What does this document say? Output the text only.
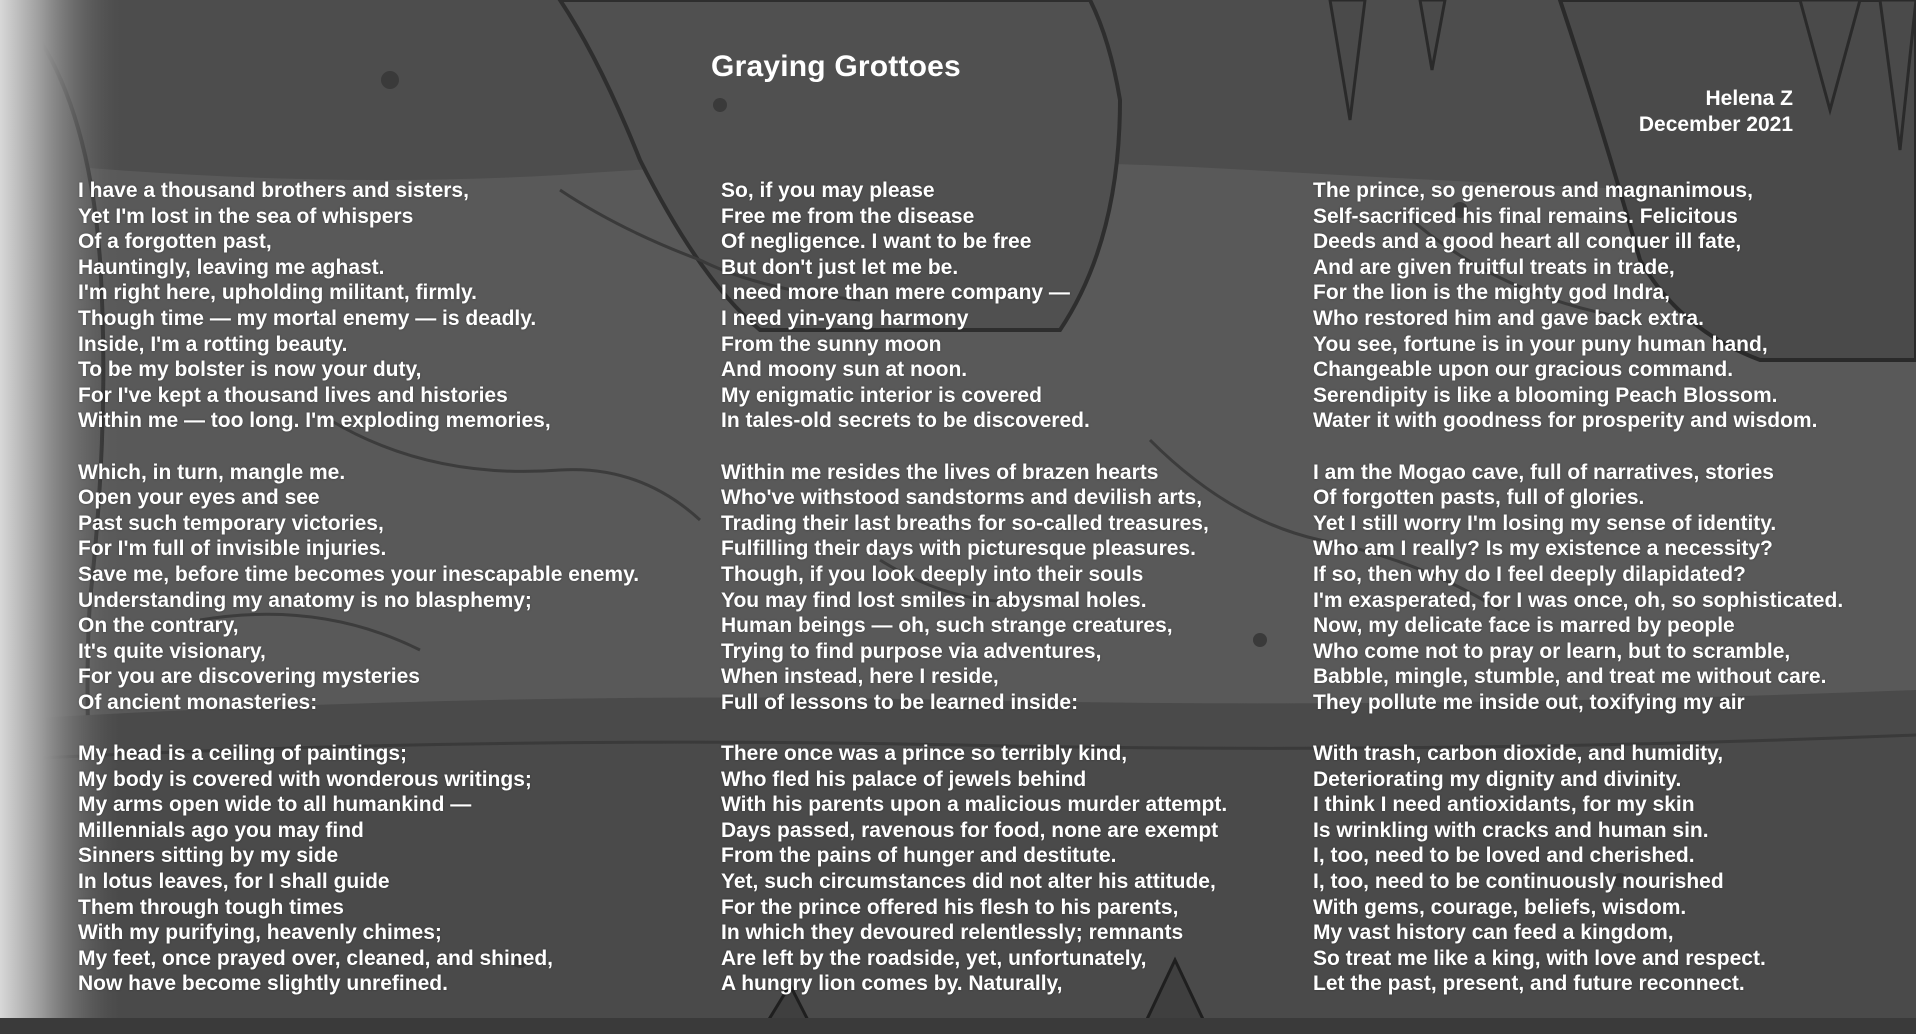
Graying Grottoes
Helena Z
December 2021
I have a thousand brothers and sisters,
Yet I'm lost in the sea of whispers
Of a forgotten past,
Hauntingly, leaving me aghast.
I'm right here, upholding militant, firmly.
Though time — my mortal enemy — is deadly.
Inside, I'm a rotting beauty.
To be my bolster is now your duty,
For I've kept a thousand lives and histories
Within me — too long. I'm exploding memories,
Which, in turn, mangle me.
Open your eyes and see
Past such temporary victories,
For I'm full of invisible injuries.
Save me, before time becomes your inescapable enemy.
Understanding my anatomy is no blasphemy;
On the contrary,
It's quite visionary,
For you are discovering mysteries
Of ancient monasteries:
My head is a ceiling of paintings;
My body is covered with wonderous writings;
My arms open wide to all humankind —
Millennials ago you may find
Sinners sitting by my side
In lotus leaves, for I shall guide
Them through tough times
With my purifying, heavenly chimes;
My feet, once prayed over, cleaned, and shined,
Now have become slightly unrefined.
So, if you may please
Free me from the disease
Of negligence. I want to be free
But don't just let me be.
I need more than mere company —
I need yin-yang harmony
From the sunny moon
And moony sun at noon.
My enigmatic interior is covered
In tales-old secrets to be discovered.
Within me resides the lives of brazen hearts
Who've withstood sandstorms and devilish arts,
Trading their last breaths for so-called treasures,
Fulfilling their days with picturesque pleasures.
Though, if you look deeply into their souls
You may find lost smiles in abysmal holes.
Human beings — oh, such strange creatures,
Trying to find purpose via adventures,
When instead, here I reside,
Full of lessons to be learned inside:
There once was a prince so terribly kind,
Who fled his palace of jewels behind
With his parents upon a malicious murder attempt.
Days passed, ravenous for food, none are exempt
From the pains of hunger and destitute.
Yet, such circumstances did not alter his attitude,
For the prince offered his flesh to his parents,
In which they devoured relentlessly; remnants
Are left by the roadside, yet, unfortunately,
A hungry lion comes by. Naturally,
The prince, so generous and magnanimous,
Self-sacrificed his final remains. Felicitous
Deeds and a good heart all conquer ill fate,
And are given fruitful treats in trade,
For the lion is the mighty god Indra,
Who restored him and gave back extra.
You see, fortune is in your puny human hand,
Changeable upon our gracious command.
Serendipity is like a blooming Peach Blossom.
Water it with goodness for prosperity and wisdom.
I am the Mogao cave, full of narratives, stories
Of forgotten pasts, full of glories.
Yet I still worry I'm losing my sense of identity.
Who am I really? Is my existence a necessity?
If so, then why do I feel deeply dilapidated?
I'm exasperated, for I was once, oh, so sophisticated.
Now, my delicate face is marred by people
Who come not to pray or learn, but to scramble,
Babble, mingle, stumble, and treat me without care.
They pollute me inside out, toxifying my air
With trash, carbon dioxide, and humidity,
Deteriorating my dignity and divinity.
I think I need antioxidants, for my skin
Is wrinkling with cracks and human sin.
I, too, need to be loved and cherished.
I, too, need to be continuously nourished
With gems, courage, beliefs, wisdom.
My vast history can feed a kingdom,
So treat me like a king, with love and respect.
Let the past, present, and future reconnect.
